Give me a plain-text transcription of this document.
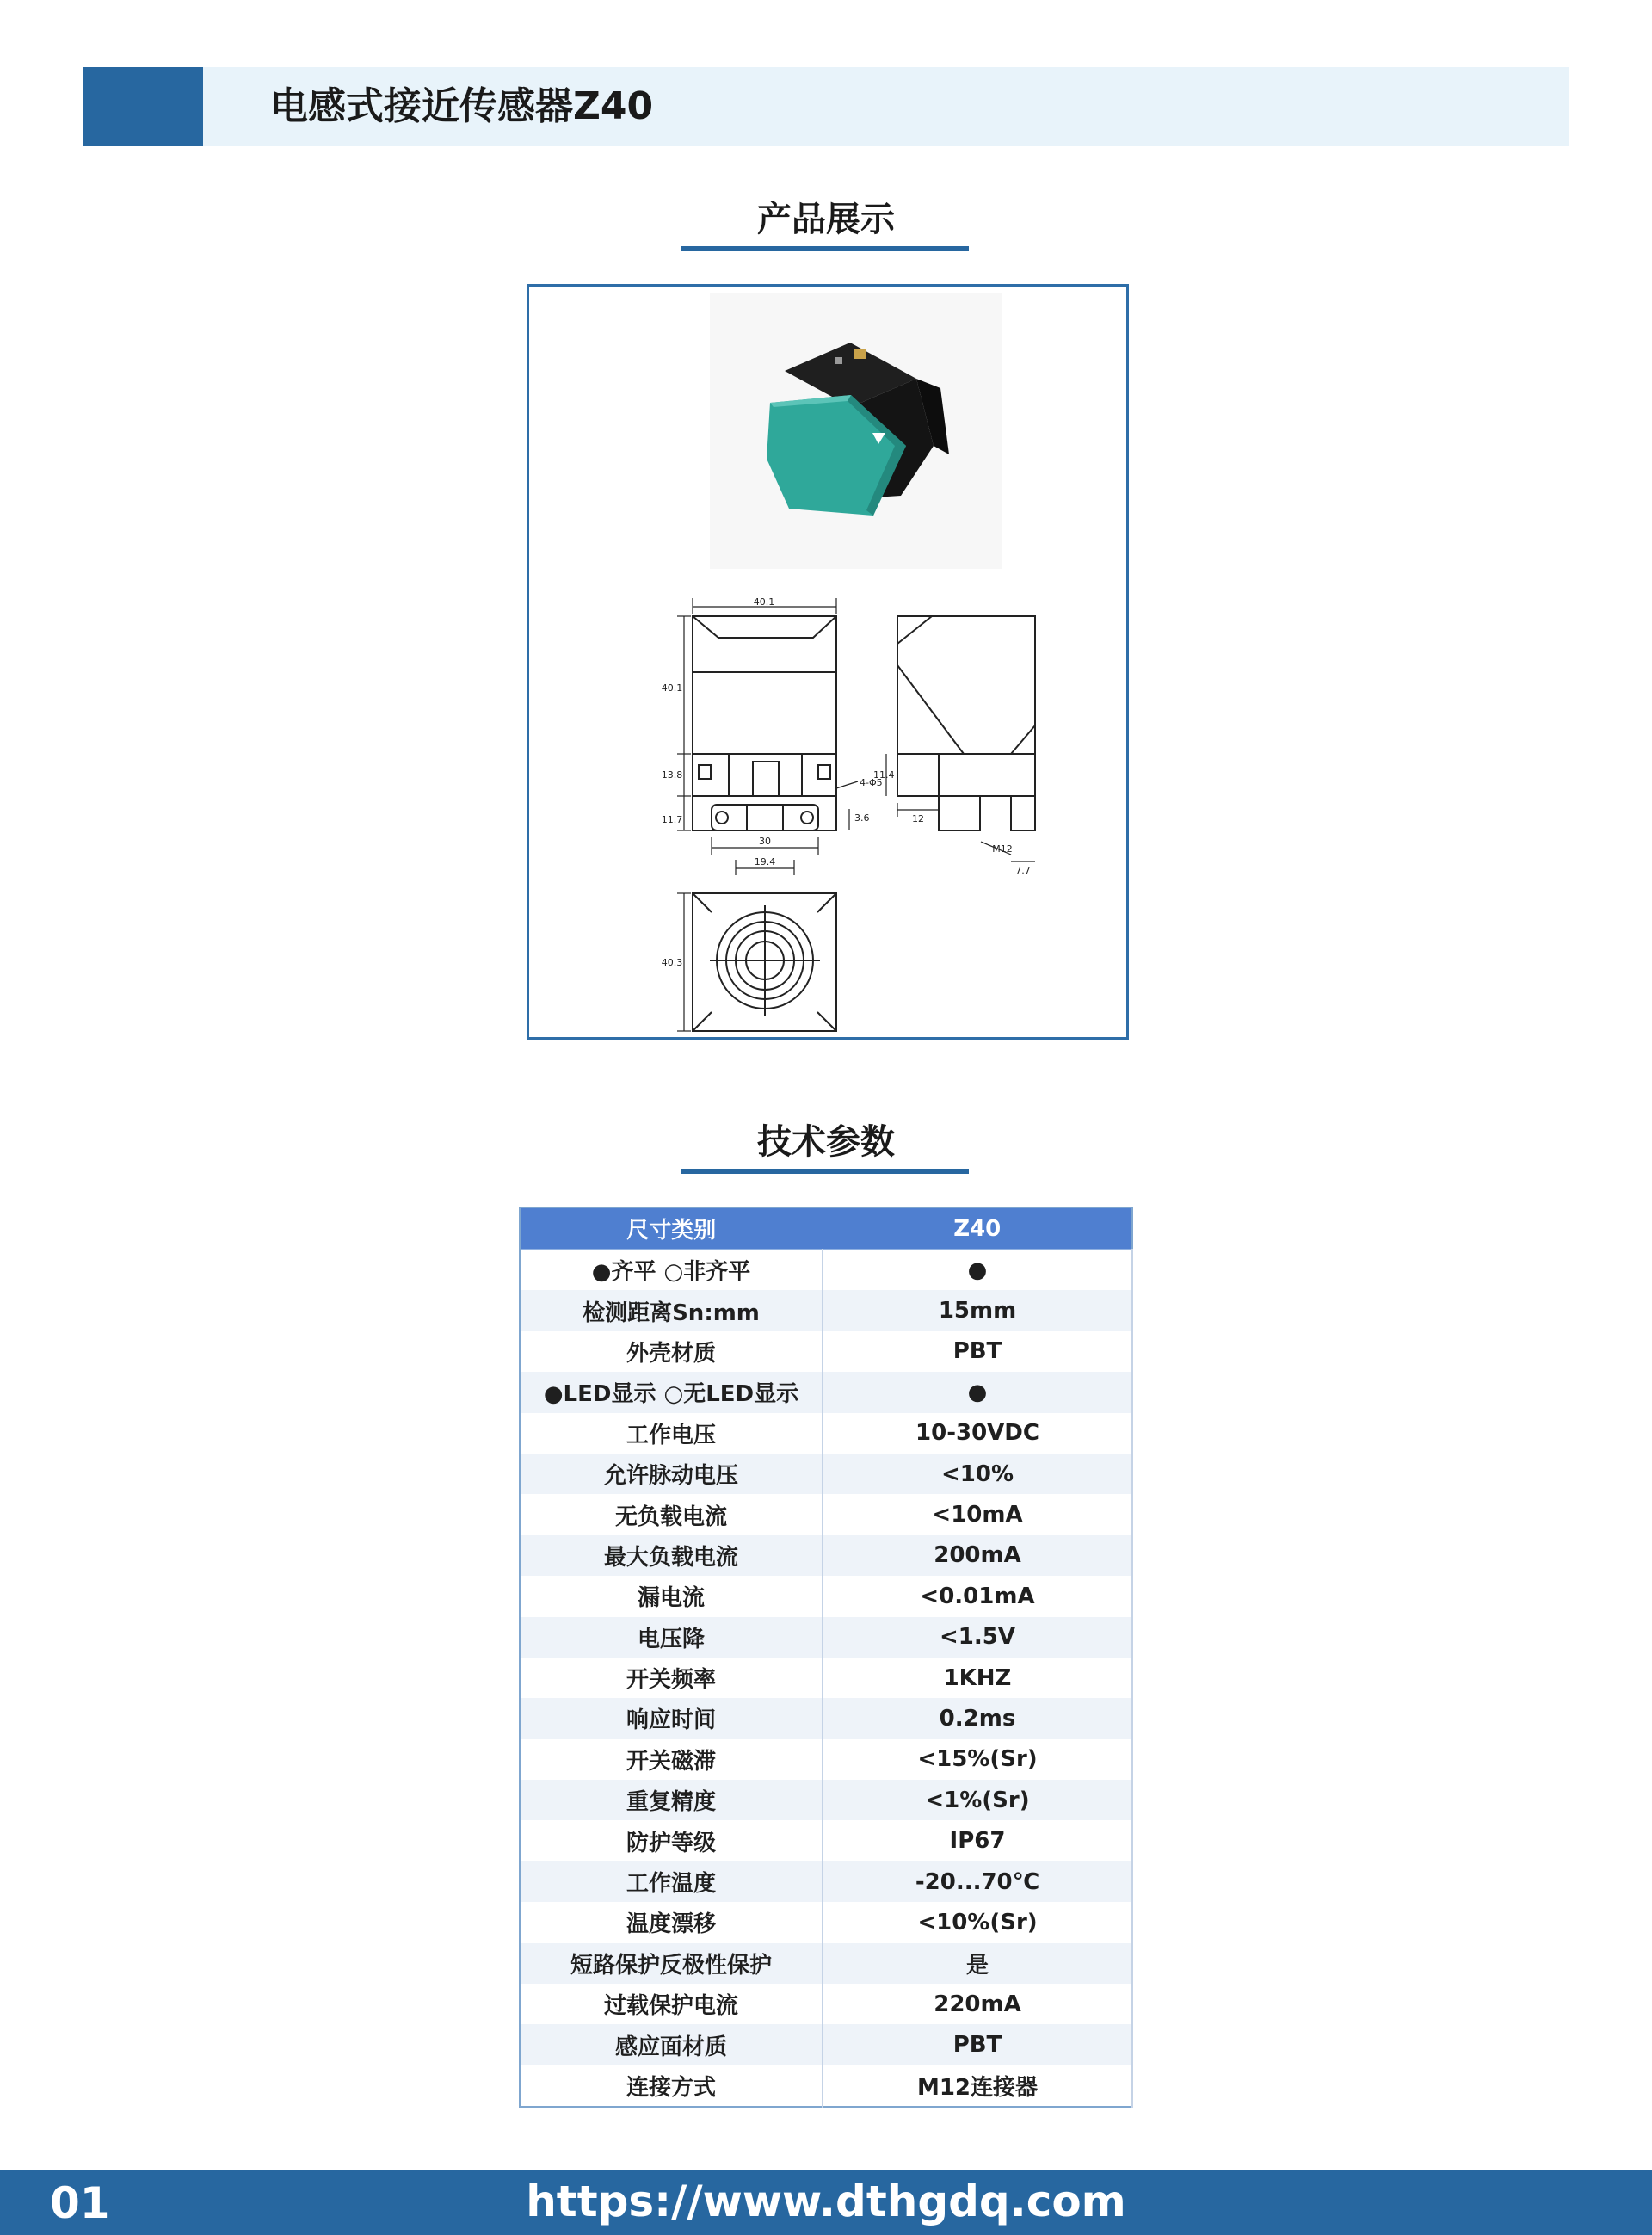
电感式接近传感器Z40
产品展示
40.1
40.1
13.8
11.7
4-Φ5
3.6
30
19.4
11.4
12
M12
7.7
40.3
技术参数
尺寸类别	Z40
●齐平 ○非齐平	●
检测距离Sn:mm	15mm
外壳材质	PBT
●LED显示 ○无LED显示	●
工作电压	10-30VDC
允许脉动电压	<10%
无负载电流	<10mA
最大负载电流	200mA
漏电流	<0.01mA
电压降	<1.5V
开关频率	1KHZ
响应时间	0.2ms
开关磁滞	<15%(Sr)
重复精度	<1%(Sr)
防护等级	IP67
工作温度	-20...70℃
温度漂移	<10%(Sr)
短路保护反极性保护	是
过载保护电流	220mA
感应面材质	PBT
连接方式	M12连接器
01	https://www.dthgdq.com
